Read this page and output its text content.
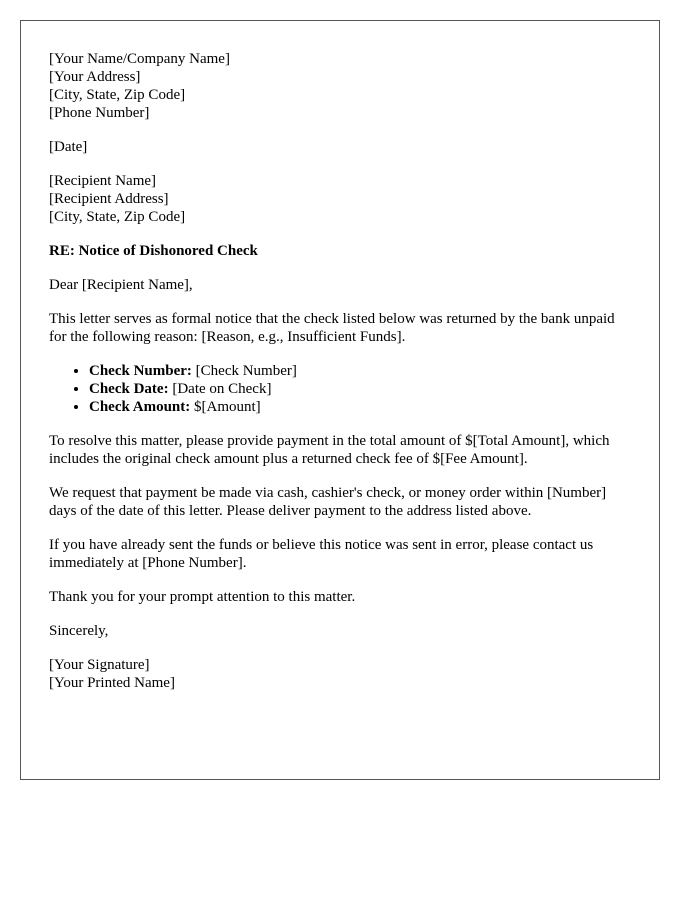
[Your Name/Company Name]
[Your Address]
[City, State, Zip Code]
[Phone Number]
[Date]
[Recipient Name]
[Recipient Address]
[City, State, Zip Code]
RE: Notice of Dishonored Check
Dear [Recipient Name],

This letter serves as formal notice that the check listed below was returned by the bank unpaid for the following reason: [Reason, e.g., Insufficient Funds].

• Check Number: [Check Number]
• Check Date: [Date on Check]
• Check Amount: $[Amount]

To resolve this matter, please provide payment in the total amount of $[Total Amount], which includes the original check amount plus a returned check fee of $[Fee Amount].

We request that payment be made via cash, cashier's check, or money order within [Number] days of the date of this letter. Please deliver payment to the address listed above.

If you have already sent the funds or believe this notice was sent in error, please contact us immediately at [Phone Number].

Thank you for your prompt attention to this matter.

Sincerely,
[Your Signature]
[Your Printed Name]
